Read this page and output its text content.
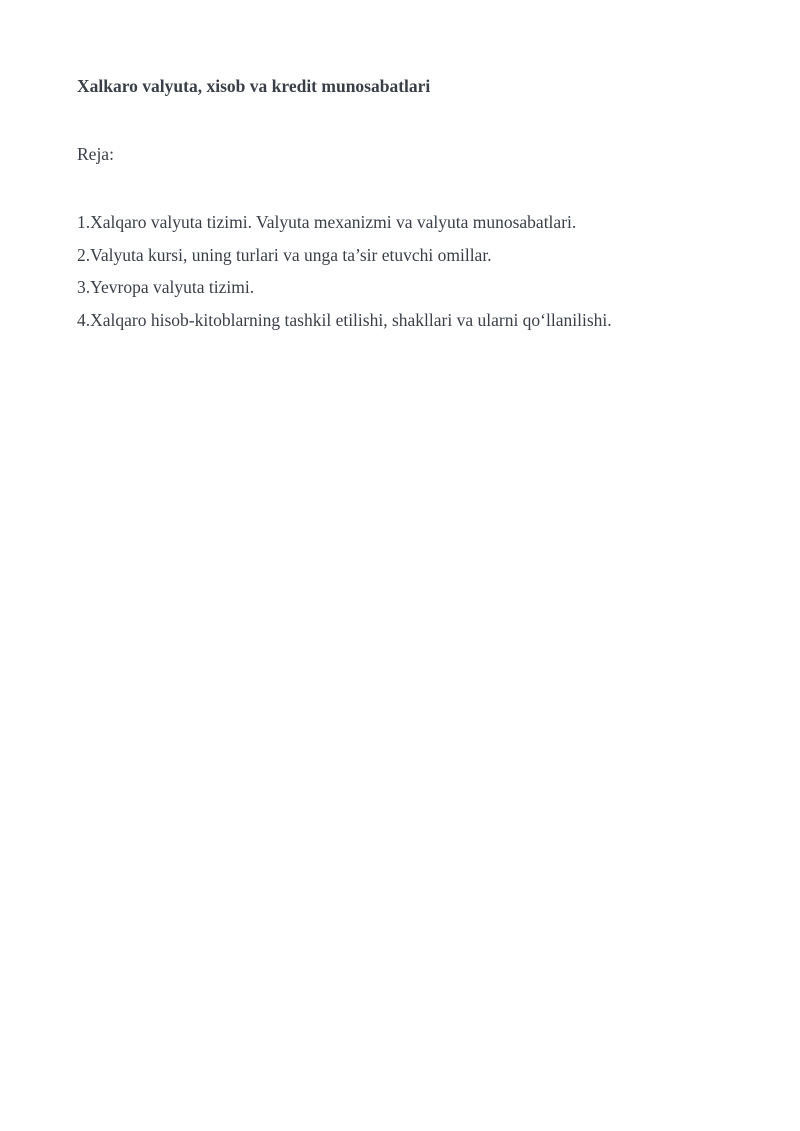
Xalkaro valyuta, xisob va kredit munosabatlari

Reja:

1.Xalqaro valyuta tizimi. Valyuta mexanizmi va valyuta munosabatlari.
2.Valyuta kursi, uning turlari va unga ta’sir etuvchi omillar.
3.Yevropa valyuta tizimi.
4.Xalqaro hisob-kitoblarning tashkil etilishi, shakllari va ularni qo‘llanilishi.
